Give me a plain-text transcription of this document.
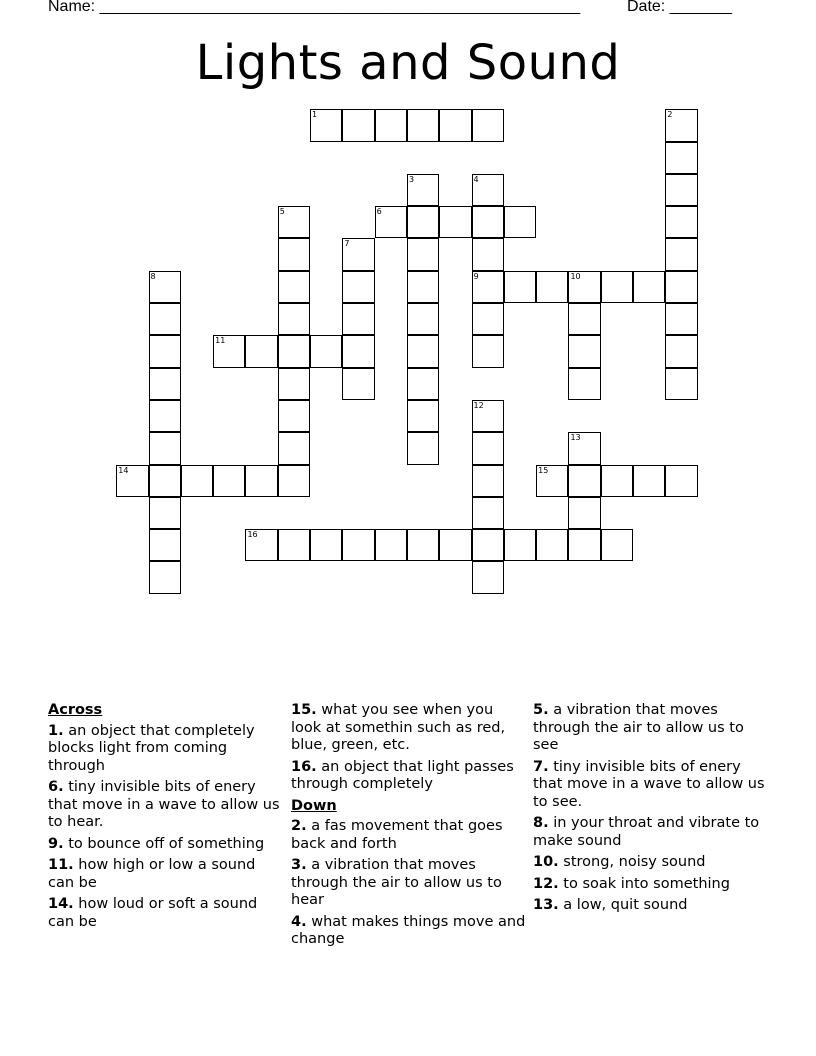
Name: ______________________________________________________	Date: _______
Lights and Sound
1	2
3	4
9
5	6
7
8	10
11
12
13
14	15
16
Across
1. an object that completely blocks light from coming through
6. tiny invisible bits of enery that move in a wave to allow us to hear.
9. to bounce off of something
11. how high or low a sound can be
14. how loud or soft a sound can be
15. what you see when you look at somethin such as red, blue, green, etc.
16. an object that light passes through completely
Down
2. a fas movement that goes back and forth
3. a vibration that moves through the air to allow us to hear
4. what makes things move and change
5. a vibration that moves through the air to allow us to see
7. tiny invisible bits of enery that move in a wave to allow us to see.
8. in your throat and vibrate to make sound
10. strong, noisy sound
12. to soak into something
13. a low, quit sound
